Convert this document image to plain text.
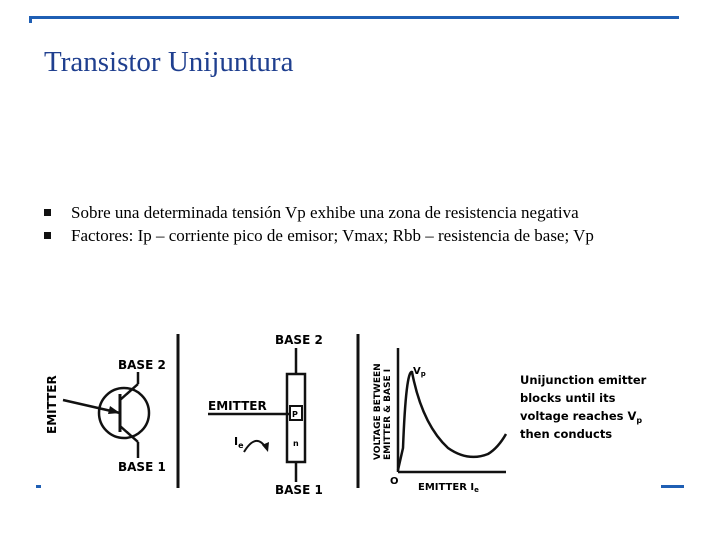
Transistor Unijuntura
Sobre una determinada tensión Vp exhibe una zona de resistencia negativa
Factores: Ip – corriente pico de emisor; Vmax; Rbb – resistencia de base; Vp
EMITTER
BASE 2
BASE 1
BASE 2
BASE 1
EMITTER
P
n
$I_e$	VOLTAGE BETWEEN EMITTER & BASE I $V_p$
O
EMITTER $I_e$
Unijunction emitter
blocks until its
voltage reaches $V_p$
then conducts
